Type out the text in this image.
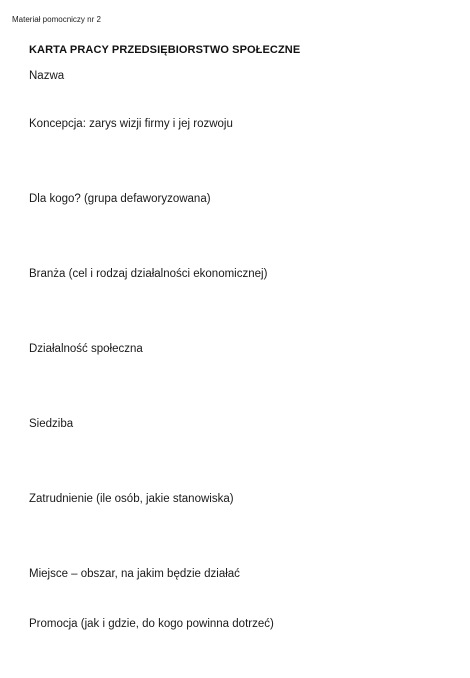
Materiał pomocniczy nr 2
KARTA PRACY PRZEDSIĘBIORSTWO SPOŁECZNE
Nazwa
Koncepcja: zarys wizji firmy i jej rozwoju
Dla kogo? (grupa defaworyzowana)
Branża (cel i rodzaj działalności ekonomicznej)
Działalność społeczna
Siedziba
Zatrudnienie (ile osób, jakie stanowiska)
Miejsce – obszar, na jakim będzie działać
Promocja (jak i gdzie, do kogo powinna dotrzeć)
